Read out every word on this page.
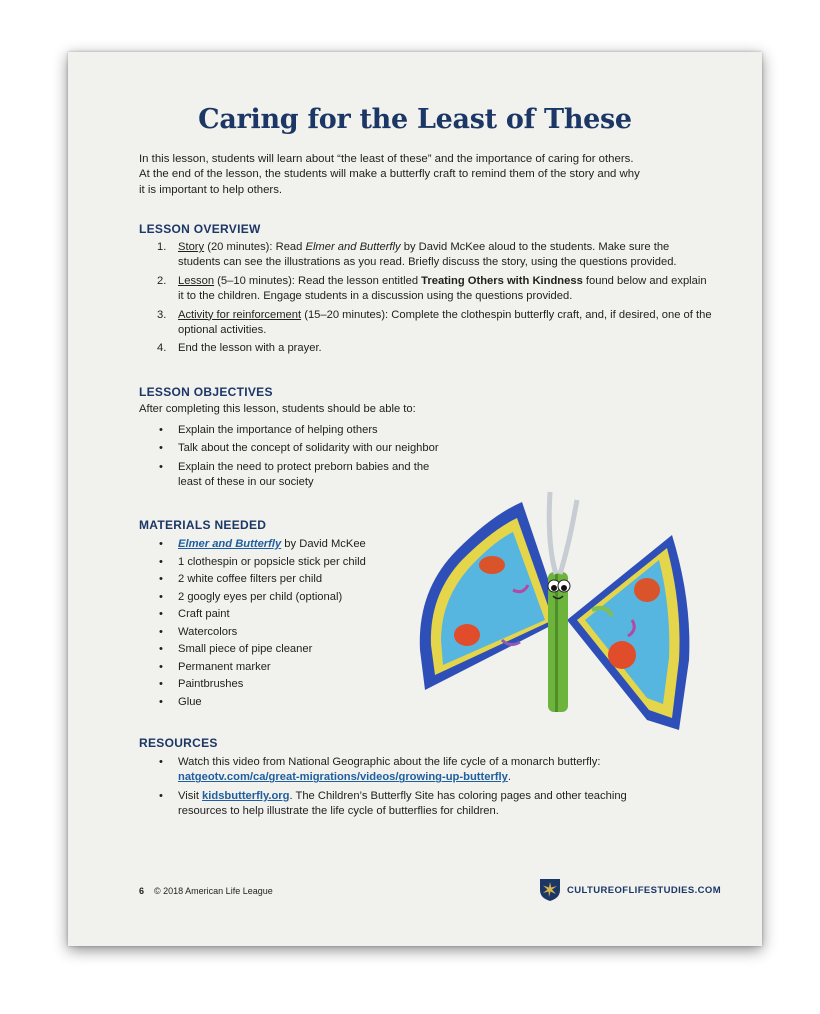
Caring for the Least of These
In this lesson, students will learn about “the least of these” and the importance of caring for others.
At the end of the lesson, the students will make a butterfly craft to remind them of the story and why
it is important to help others.
LESSON OVERVIEW
1. Story (20 minutes): Read Elmer and Butterfly by David McKee aloud to the students. Make sure the students can see the illustrations as you read. Briefly discuss the story, using the questions provided.
2. Lesson (5–10 minutes): Read the lesson entitled Treating Others with Kindness found below and explain it to the children. Engage students in a discussion using the questions provided.
3. Activity for reinforcement (15–20 minutes): Complete the clothespin butterfly craft, and, if desired, one of the optional activities.
4. End the lesson with a prayer.
LESSON OBJECTIVES
After completing this lesson, students should be able to:
• Explain the importance of helping others
• Talk about the concept of solidarity with our neighbor
• Explain the need to protect preborn babies and the least of these in our society
MATERIALS NEEDED
• Elmer and Butterfly by David McKee
• 1 clothespin or popsicle stick per child
• 2 white coffee filters per child
• 2 googly eyes per child (optional)
• Craft paint
• Watercolors
• Small piece of pipe cleaner
• Permanent marker
• Paintbrushes
• Glue
RESOURCES
• Watch this video from National Geographic about the life cycle of a monarch butterfly:
natgeotv.com/ca/great-migrations/videos/growing-up-butterfly.
• Visit kidsbutterfly.org. The Children’s Butterfly Site has coloring pages and other teaching resources to help illustrate the life cycle of butterflies for children.
6 © 2018 American Life League	CULTUREOFLIFESTUDIES.COM
